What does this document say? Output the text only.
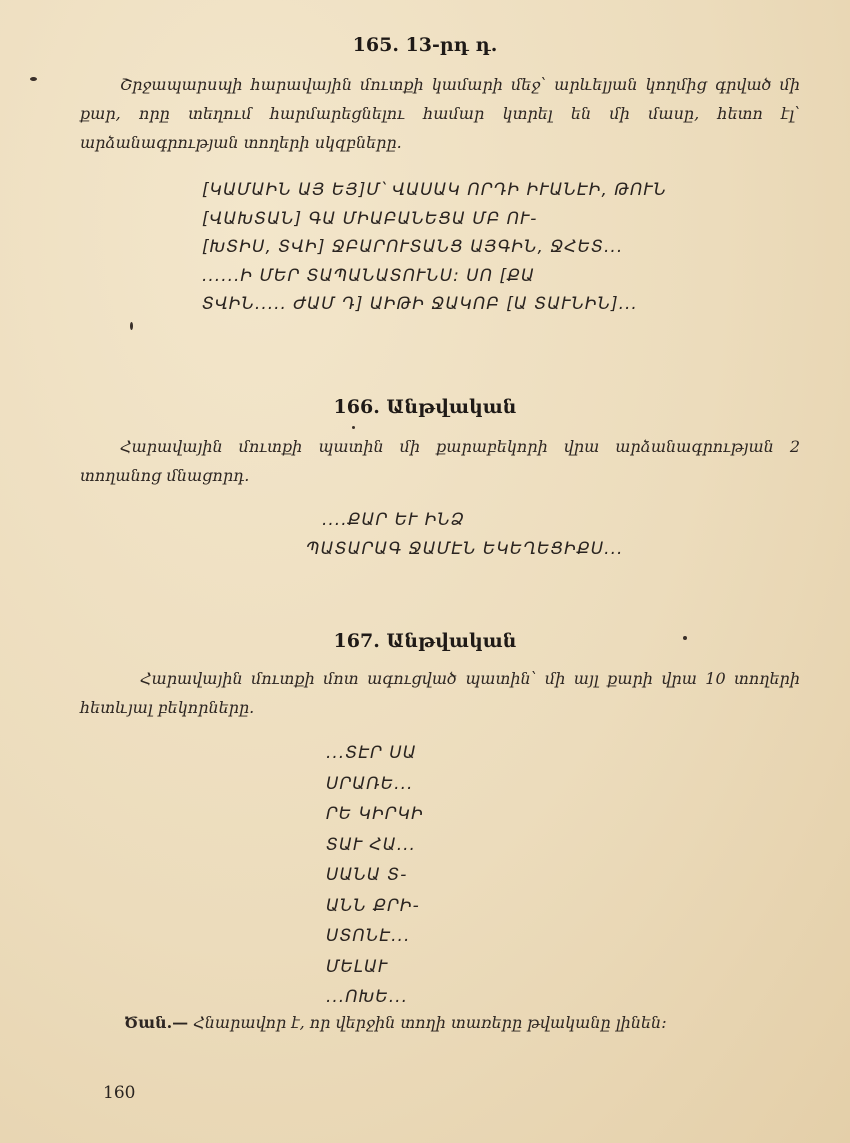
165. 13-րդ դ.
Շրջապարսպի հարավային մուտքի կամարի մեջ՝ արևելյան կողմից գրված մի քար, որը տեղում հարմարեցնելու համար կտրել են մի մասը, հետո էլ՝ արձանագրության տողերի սկզբները.
[ԿԱՄԱԻՆ ԱՅ ԵՅ]Մ՝ ՎԱՍԱԿ ՈՐԴԻ ԻՒԱՆԷԻ, ԹՈՒՆ
[ՎԱԽՏԱՆ] ԳԱ ՄԻԱԲԱՆԵՑԱ ՄԲ ՈՒ-
[ԽՏԻՍ, ՏՎԻ] ՋԲԱՐՈՒՏԱՆՑ ԱՅԳԻՆ, ՋՀԵՏ...
......Ի ՄԵՐ ՏԱՊԱՆԱՏՈՒՆՍ: ՍՈ [ՔԱ
ՏՎԻՆ..... ԺԱՄ Դ] ԱԻԹԻ ՋԱԿՈԲ [Ա ՏԱՒՆԻՆ]...
166. Անթվական
Հարավային մուտքի պատին մի քարաբեկորի վրա արձանագրության 2 տողանոց մնացորդ.
....ՔԱՐ ԵՒ ԻՆՁ
ՊԱՏԱՐԱԳ ՋԱՄԷՆ ԵԿԵՂԵՑԻՔՍ...
167. Անթվական
Հարավային մուտքի մոտ ագուցված պատին՝ մի այլ քարի վրա 10 տողերի հետևյալ բեկորները.
...ՏԷՐ ՍԱ
ՍՐԱՌԵ...
ՐԵ ԿԻՐԿԻ
ՏԱՒ ՀԱ...
ՍԱՆԱ Տ-
ԱՆՆ ՔՐԻ-
ՍՏՈՆԷ...
ՄԵԼԱՒ
...ՈԽԵ...
Ծան.— Հնարավոր է, որ վերջին տողի տառերը թվականը լինեն։
160
